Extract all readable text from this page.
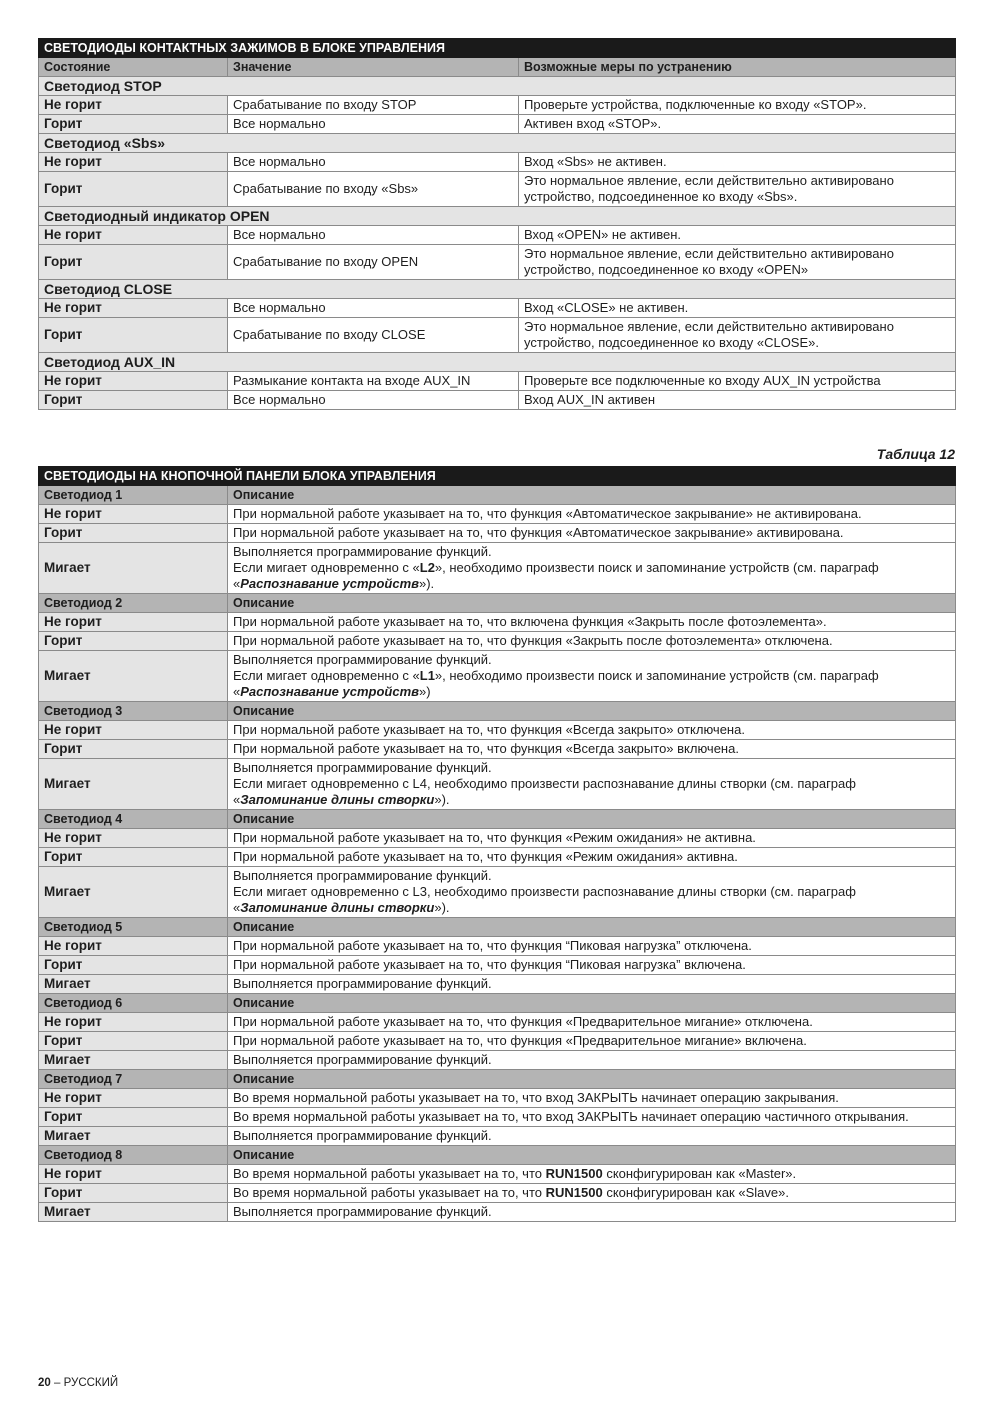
СВЕТОДИОДЫ КОНТАКТНЫХ ЗАЖИМОВ В БЛОКЕ УПРАВЛЕНИЯ		
Состояние	Значение	Возможные меры по устранению
Светодиод STOP		
Не горит	Срабатывание по входу STOP	Проверьте устройства, подключенные ко входу «STOP».
Горит	Все нормально	Активен вход «STOP».
Светодиод «Sbs»		
Не горит	Все нормально	Вход «Sbs» не активен.
Горит	Срабатывание по входу «Sbs»	Это нормальное явление, если действительно активировано устройство, подсоединенное ко входу «Sbs».
Светодиодный индикатор OPEN		
Не горит	Все нормально	Вход «OPEN» не активен.
Горит	Срабатывание по входу OPEN	Это нормальное явление, если действительно активировано устройство, подсоединенное ко входу «OPEN»
Светодиод CLOSE		
Не горит	Все нормально	Вход «CLOSE» не активен.
Горит	Срабатывание по входу CLOSE	Это нормальное явление, если действительно активировано устройство, подсоединенное ко входу «CLOSE».
Светодиод AUX_IN		
Не горит	Размыкание контакта на входе AUX_IN	Проверьте все подключенные ко входу AUX_IN устройства
Горит	Все нормально	Вход AUX_IN активен
Таблица 12
СВЕТОДИОДЫ НА КНОПОЧНОЙ ПАНЕЛИ БЛОКА УПРАВЛЕНИЯ	
Светодиод 1	Описание
Не горит	При нормальной работе указывает на то, что функция «Автоматическое закрывание» не активирована.
Горит	При нормальной работе указывает на то, что функция «Автоматическое закрывание» активирована.
Мигает	Выполняется программирование функций.
Если мигает одновременно с «L2», необходимо произвести поиск и запоминание устройств (см. параграф «Распознавание устройств»).
Светодиод 2	Описание
Не горит	При нормальной работе указывает на то, что включена функция «Закрыть после фотоэлемента».
Горит	При нормальной работе указывает на то, что функция «Закрыть после фотоэлемента» отключена.
Мигает	Выполняется программирование функций.
Если мигает одновременно с «L1», необходимо произвести поиск и запоминание устройств (см. параграф «Распознавание устройств»)
Светодиод 3	Описание
Не горит	При нормальной работе указывает на то, что функция «Всегда закрыто» отключена.
Горит	При нормальной работе указывает на то, что функция «Всегда закрыто» включена.
Мигает	Выполняется программирование функций.
Если мигает одновременно с L4, необходимо произвести распознавание длины створки (см. параграф «Запоминание длины створки»).
Светодиод 4	Описание
Не горит	При нормальной работе указывает на то, что функция «Режим ожидания» не активна.
Горит	При нормальной работе указывает на то, что функция «Режим ожидания» активна.
Мигает	Выполняется программирование функций.
Если мигает одновременно с L3, необходимо произвести распознавание длины створки (см. параграф «Запоминание длины створки»).
Светодиод 5	Описание
Не горит	При нормальной работе указывает на то, что функция “Пиковая нагрузка” отключена.
Горит	При нормальной работе указывает на то, что функция “Пиковая нагрузка” включена.
Мигает	Выполняется программирование функций.
Светодиод 6	Описание
Не горит	При нормальной работе указывает на то, что функция «Предварительное мигание» отключена.
Горит	При нормальной работе указывает на то, что функция «Предварительное мигание» включена.
Мигает	Выполняется программирование функций.
Светодиод 7	Описание
Не горит	Во время нормальной работы указывает на то, что вход ЗАКРЫТЬ начинает операцию закрывания.
Горит	Во время нормальной работы указывает на то, что вход ЗАКРЫТЬ начинает операцию частичного открывания.
Мигает	Выполняется программирование функций.
Светодиод 8	Описание
Не горит	Во время нормальной работы указывает на то, что RUN1500 сконфигурирован как «Master».
Горит	Во время нормальной работы указывает на то, что RUN1500 сконфигурирован как «Slave».
Мигает	Выполняется программирование функций.
20 – РУССКИЙ
